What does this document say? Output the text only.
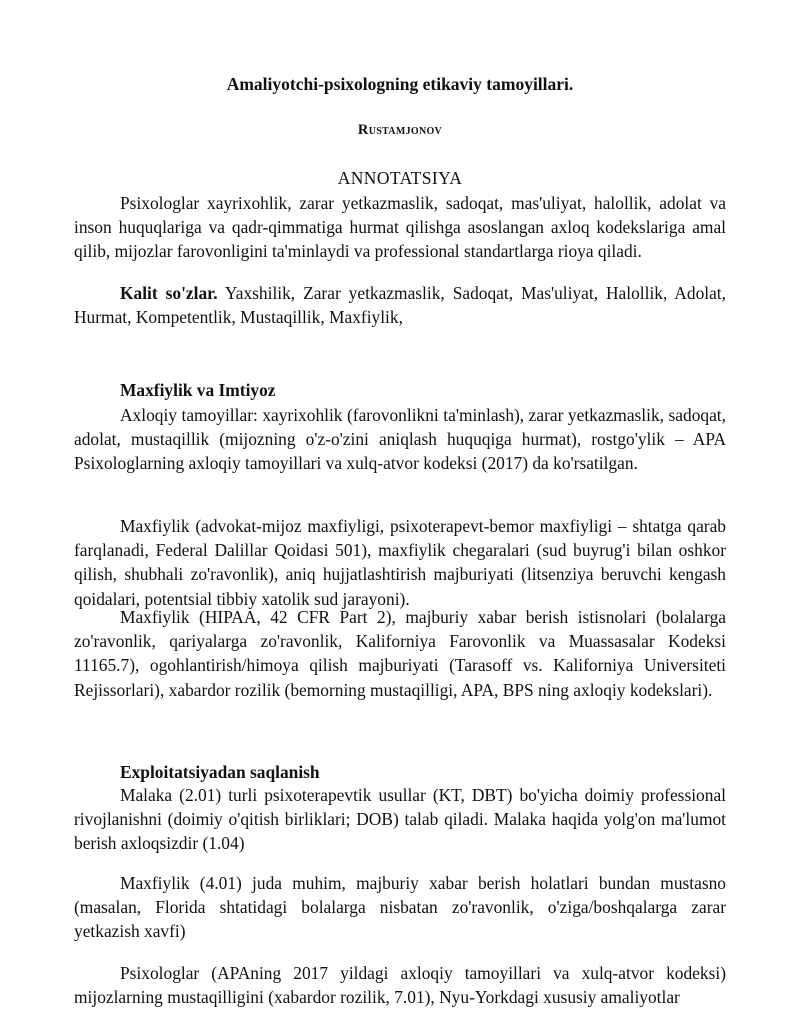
Amaliyotchi-psixologning etikaviy tamoyillari.
Rustamjonov
ANNOTATSIYA

Psixologlar xayrixohlik, zarar yetkazmaslik, sadoqat, mas'uliyat, halollik, adolat va inson huquqlariga va qadr-qimmatiga hurmat qilishga asoslangan axloq kodekslariga amal qilib, mijozlar farovonligini ta'minlaydi va professional standartlarga rioya qiladi.

Kalit so'zlar. Yaxshilik, Zarar yetkazmaslik, Sadoqat, Mas'uliyat, Halollik, Adolat, Hurmat, Kompetentlik, Mustaqillik, Maxfiylik,

Maxfiylik va Imtiyoz

Axloqiy tamoyillar: xayrixohlik (farovonlikni ta'minlash), zarar yetkazmaslik, sadoqat, adolat, mustaqillik (mijozning o'z-o'zini aniqlash huquqiga hurmat), rostgo'ylik – APA Psixologlarning axloqiy tamoyillari va xulq-atvor kodeksi (2017) da ko'rsatilgan.

Maxfiylik (advokat-mijoz maxfiyligi, psixoterapevt-bemor maxfiyligi – shtatga qarab farqlanadi, Federal Dalillar Qoidasi 501), maxfiylik chegaralari (sud buyrug'i bilan oshkor qilish, shubhali zo'ravonlik), aniq hujjatlashtirish majburiyati (litsenziya beruvchi kengash qoidalari, potentsial tibbiy xatolik sud jarayoni).

Maxfiylik (HIPAA, 42 CFR Part 2), majburiy xabar berish istisnolari (bolalarga zo'ravonlik, qariyalarga zo'ravonlik, Kaliforniya Farovonlik va Muassasalar Kodeksi 11165.7), ogohlantirish/himoya qilish majburiyati (Tarasoff vs. Kaliforniya Universiteti Rejissorlari), xabardor rozilik (bemorning mustaqilligi, APA, BPS ning axloqiy kodekslari).

Exploitatsiyadan saqlanish

Malaka (2.01) turli psixoterapevtik usullar (KT, DBT) bo'yicha doimiy professional rivojlanishni (doimiy o'qitish birliklari; DOB) talab qiladi. Malaka haqida yolg'on ma'lumot berish axloqsizdir (1.04)

Maxfiylik (4.01) juda muhim, majburiy xabar berish holatlari bundan mustasno (masalan, Florida shtatidagi bolalarga nisbatan zo'ravonlik, o'ziga/boshqalarga zarar yetkazish xavfi)

Psixologlar (APAning 2017 yildagi axloqiy tamoyillari va xulq-atvor kodeksi) mijozlarning mustaqilligini (xabardor rozilik, 7.01), Nyu-Yorkdagi xususiy amaliyotlar
